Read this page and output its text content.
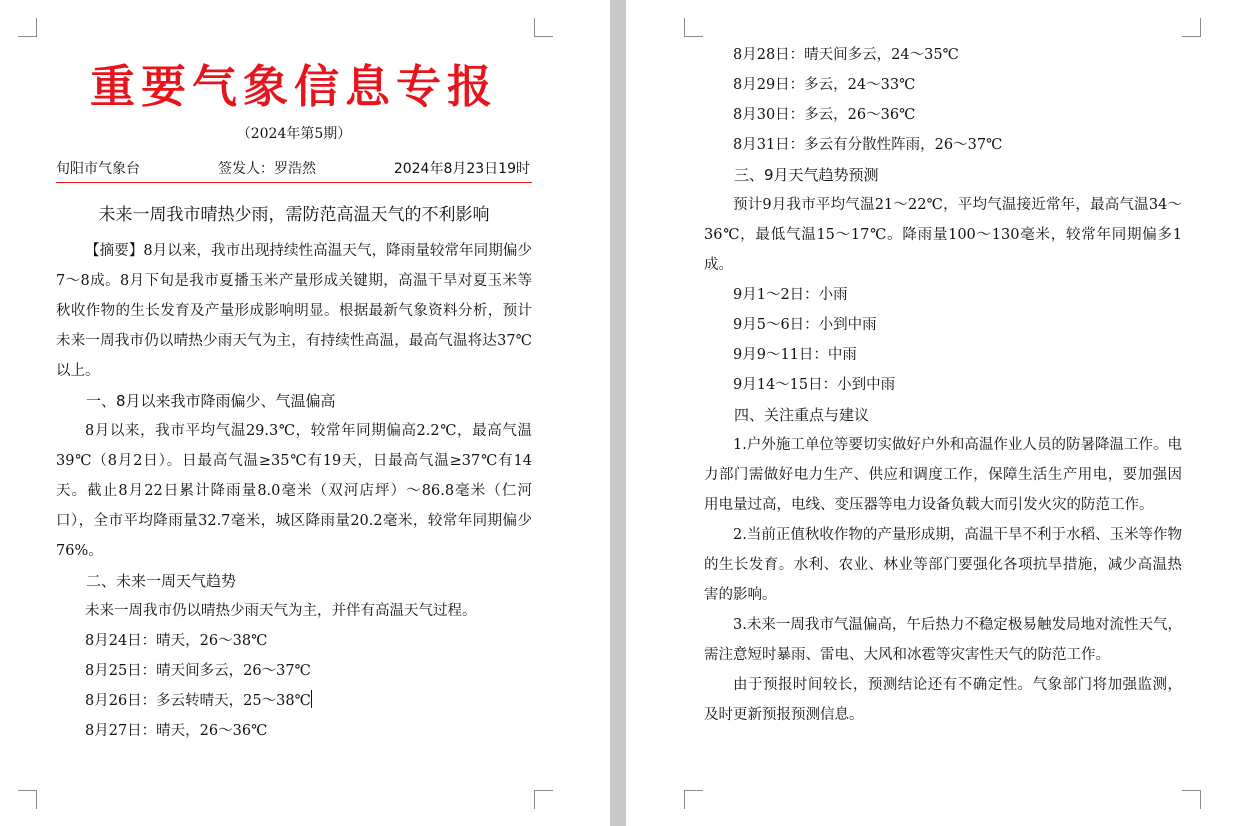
重要气象信息专报
（2024年第5期）
旬阳市气象台	签发人：罗浩然	2024年8月23日19时
未来一周我市晴热少雨，需防范高温天气的不利影响

【摘要】8月以来，我市出现持续性高温天气，降雨量较常年同期偏少7～8成。8月下旬是我市夏播玉米产量形成关键期，高温干旱对夏玉米等秋收作物的生长发育及产量形成影响明显。根据最新气象资料分析，预计未来一周我市仍以晴热少雨天气为主，有持续性高温，最高气温将达37℃以上。

一、8月以来我市降雨偏少、气温偏高

8月以来，我市平均气温29.3℃，较常年同期偏高2.2℃，最高气温39℃（8月2日）。日最高气温≥35℃有19天，日最高气温≥37℃有14天。截止8月22日累计降雨量8.0毫米（双河店坪）～86.8毫米（仁河口），全市平均降雨量32.7毫米，城区降雨量20.2毫米，较常年同期偏少76%。

二、未来一周天气趋势

未来一周我市仍以晴热少雨天气为主，并伴有高温天气过程。

8月24日：晴天，26～38℃
8月25日：晴天间多云，26～37℃
8月26日：多云转晴天，25～38℃
8月27日：晴天，26～36℃
8月28日：晴天间多云，24～35℃
8月29日：多云，24～33℃
8月30日：多云，26～36℃
8月31日：多云有分散性阵雨，26～37℃
三、9月天气趋势预测

预计9月我市平均气温21～22℃，平均气温接近常年，最高气温34～36℃，最低气温15～17℃。降雨量100～130毫米，较常年同期偏多1成。

9月1～2日：小雨
9月5～6日：小到中雨
9月9～11日：中雨
9月14～15日：小到中雨
四、关注重点与建议

1.户外施工单位等要切实做好户外和高温作业人员的防暑降温工作。电力部门需做好电力生产、供应和调度工作，保障生活生产用电，要加强因用电量过高，电线、变压器等电力设备负载大而引发火灾的防范工作。

2.当前正值秋收作物的产量形成期，高温干旱不利于水稻、玉米等作物的生长发育。水利、农业、林业等部门要强化各项抗旱措施，减少高温热害的影响。

3.未来一周我市气温偏高，午后热力不稳定极易触发局地对流性天气，需注意短时暴雨、雷电、大风和冰雹等灾害性天气的防范工作。

由于预报时间较长，预测结论还有不确定性。气象部门将加强监测，及时更新预报预测信息。
